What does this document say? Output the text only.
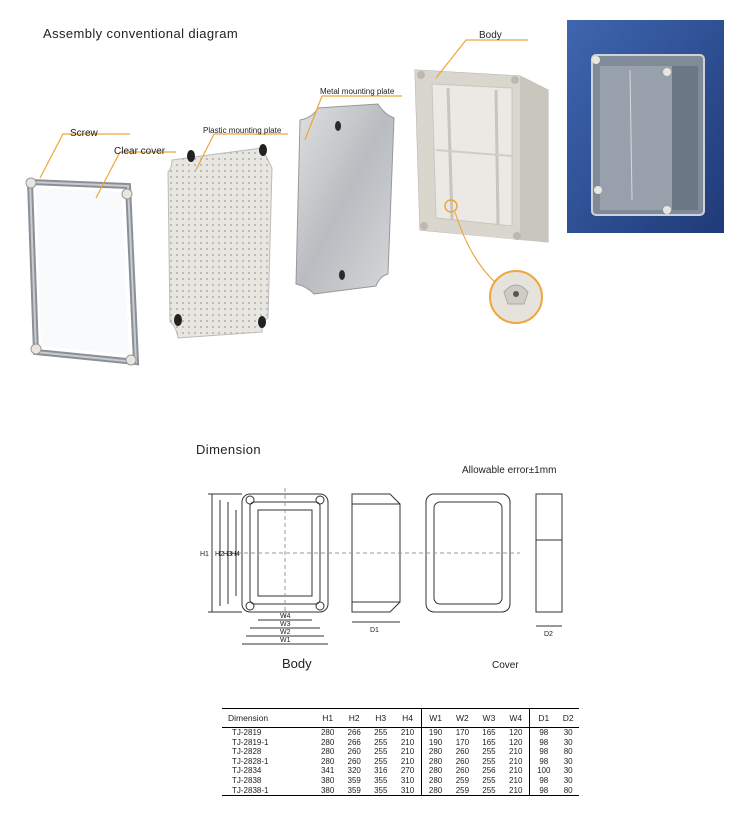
Assembly conventional diagram
Screw
Clear cover
Plastic mounting plate
Metal mounting plate
Body
Dimension
Allowable error±1mm
H1 H2 H3 H4
W4
W3
W2
W1
D1
D2
Body	Cover
Dimension	H1	H2	H3	H4	W1	W2	W3	W4	D1	D2
TJ-2819	280	266	255	210	190	170	165	120	98	30
TJ-2819-1	280	266	255	210	190	170	165	120	98	30
TJ-2828	280	260	255	210	280	260	255	210	98	80
TJ-2828-1	280	260	255	210	280	260	255	210	98	30
TJ-2834	341	320	316	270	280	260	256	210	100	30
TJ-2838	380	359	355	310	280	259	255	210	98	30
TJ-2838-1	380	359	355	310	280	259	255	210	98	80
